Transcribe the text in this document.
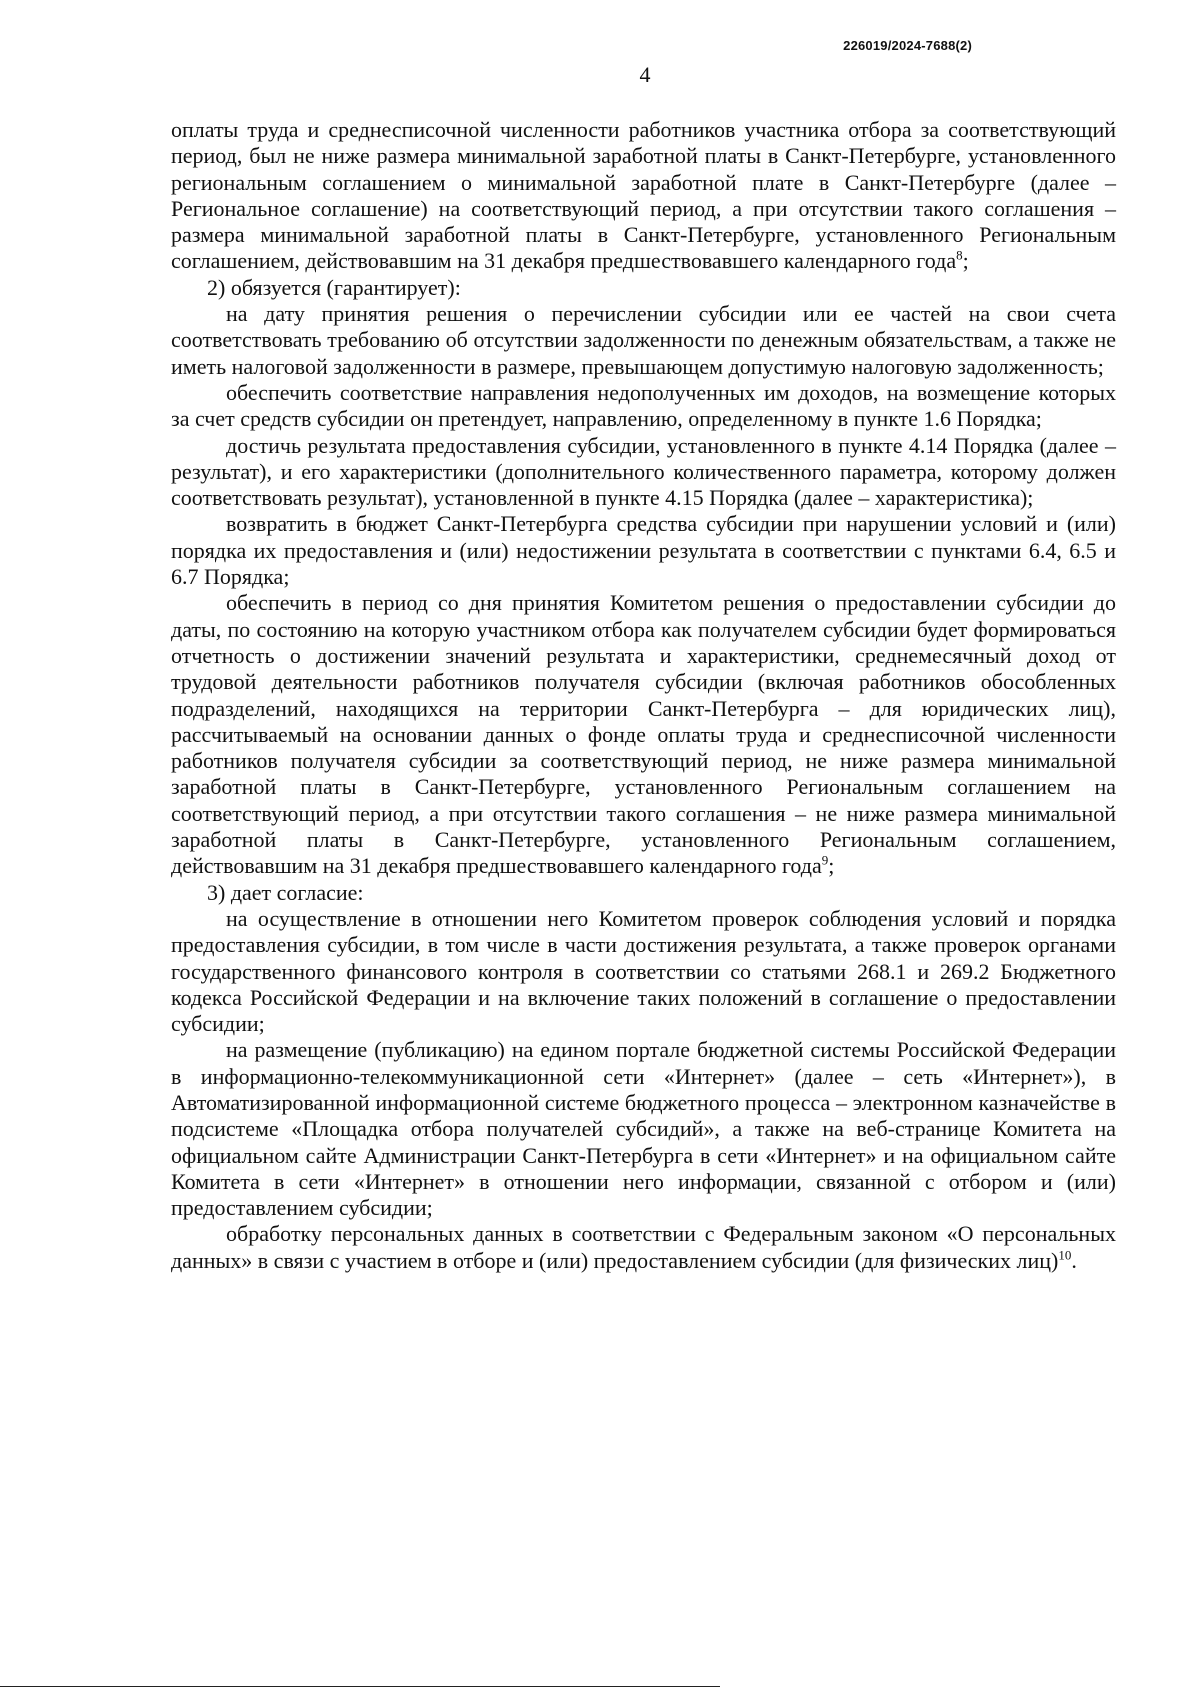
226019/2024-7688(2)
4

оплаты труда и среднесписочной численности работников участника отбора за соответствующий период, был не ниже размера минимальной заработной платы в Санкт-Петербурге, установленного региональным соглашением о минимальной заработной плате в Санкт-Петербурге (далее – Региональное соглашение) на соответствующий период, а при отсутствии такого соглашения – размера минимальной заработной платы в Санкт-Петербурге, установленного Региональным соглашением, действовавшим на 31 декабря предшествовавшего календарного года$^8$;

2) обязуется (гарантирует):

на дату принятия решения о перечислении субсидии или ее частей на свои счета соответствовать требованию об отсутствии задолженности по денежным обязательствам, а также не иметь налоговой задолженности в размере, превышающем допустимую налоговую задолженность;

обеспечить соответствие направления недополученных им доходов, на возмещение которых за счет средств субсидии он претендует, направлению, определенному в пункте 1.6 Порядка;

достичь результата предоставления субсидии, установленного в пункте 4.14 Порядка (далее – результат), и его характеристики (дополнительного количественного параметра, которому должен соответствовать результат), установленной в пункте 4.15 Порядка (далее – характеристика);

возвратить в бюджет Санкт-Петербурга средства субсидии при нарушении условий и (или) порядка их предоставления и (или) недостижении результата в соответствии с пунктами 6.4, 6.5 и 6.7 Порядка;

обеспечить в период со дня принятия Комитетом решения о предоставлении субсидии до даты, по состоянию на которую участником отбора как получателем субсидии будет формироваться отчетность о достижении значений результата и характеристики, среднемесячный доход от трудовой деятельности работников получателя субсидии (включая работников обособленных подразделений, находящихся на территории Санкт-Петербурга – для юридических лиц), рассчитываемый на основании данных о фонде оплаты труда и среднесписочной численности работников получателя субсидии за соответствующий период, не ниже размера минимальной заработной платы в Санкт-Петербурге, установленного Региональным соглашением на соответствующий период, а при отсутствии такого соглашения – не ниже размера минимальной заработной платы в Санкт-Петербурге, установленного Региональным соглашением, действовавшим на 31 декабря предшествовавшего календарного года$^9$;

3) дает согласие:

на осуществление в отношении него Комитетом проверок соблюдения условий и порядка предоставления субсидии, в том числе в части достижения результата, а также проверок органами государственного финансового контроля в соответствии со статьями 268.1 и 269.2 Бюджетного кодекса Российской Федерации и на включение таких положений в соглашение о предоставлении субсидии;

на размещение (публикацию) на едином портале бюджетной системы Российской Федерации в информационно-телекоммуникационной сети «Интернет» (далее – сеть «Интернет»), в Автоматизированной информационной системе бюджетного процесса – электронном казначействе в подсистеме «Площадка отбора получателей субсидий», а также на веб-странице Комитета на официальном сайте Администрации Санкт-Петербурга в сети «Интернет» и на официальном сайте Комитета в сети «Интернет» в отношении него информации, связанной с отбором и (или) предоставлением субсидии;

обработку персональных данных в соответствии с Федеральным законом «О персональных данных» в связи с участием в отборе и (или) предоставлением субсидии (для физических лиц)$^{10}$.
